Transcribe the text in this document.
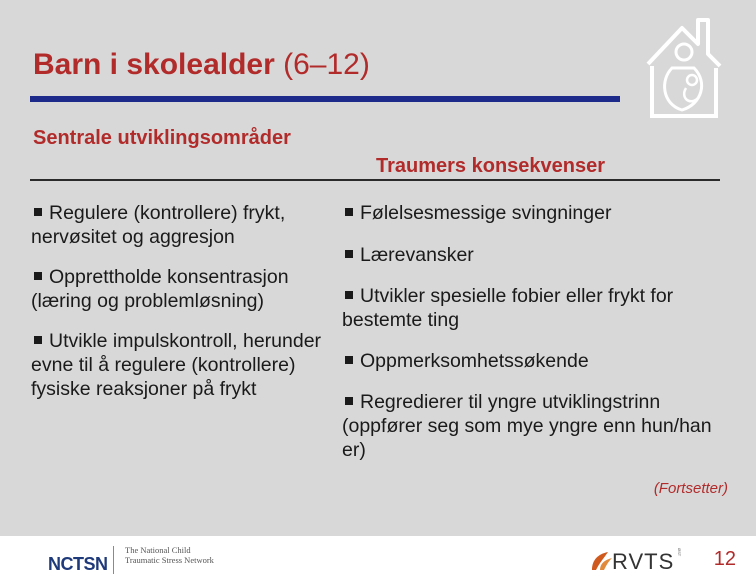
Barn i skolealder (6–12)
Sentrale utviklingsområder
Traumers konsekvenser
Regulere (kontrollere) frykt, nervøsitet og aggresjon
Opprettholde konsentrasjon (læring og problemløsning)
Utvikle impulskontroll, herunder evne til å regulere (kontrollere) fysiske reaksjoner på frykt
Følelsesmessige svingninger
Lærevansker
Utvikler spesielle fobier eller frykt for bestemte ting
Oppmerksomhetssøkende
Regredierer til yngre utviklingstrinn (oppfører seg som mye yngre enn hun/han er)
(Fortsetter)
NCTSN
The National Child Traumatic Stress Network	RVTS ØST 12
